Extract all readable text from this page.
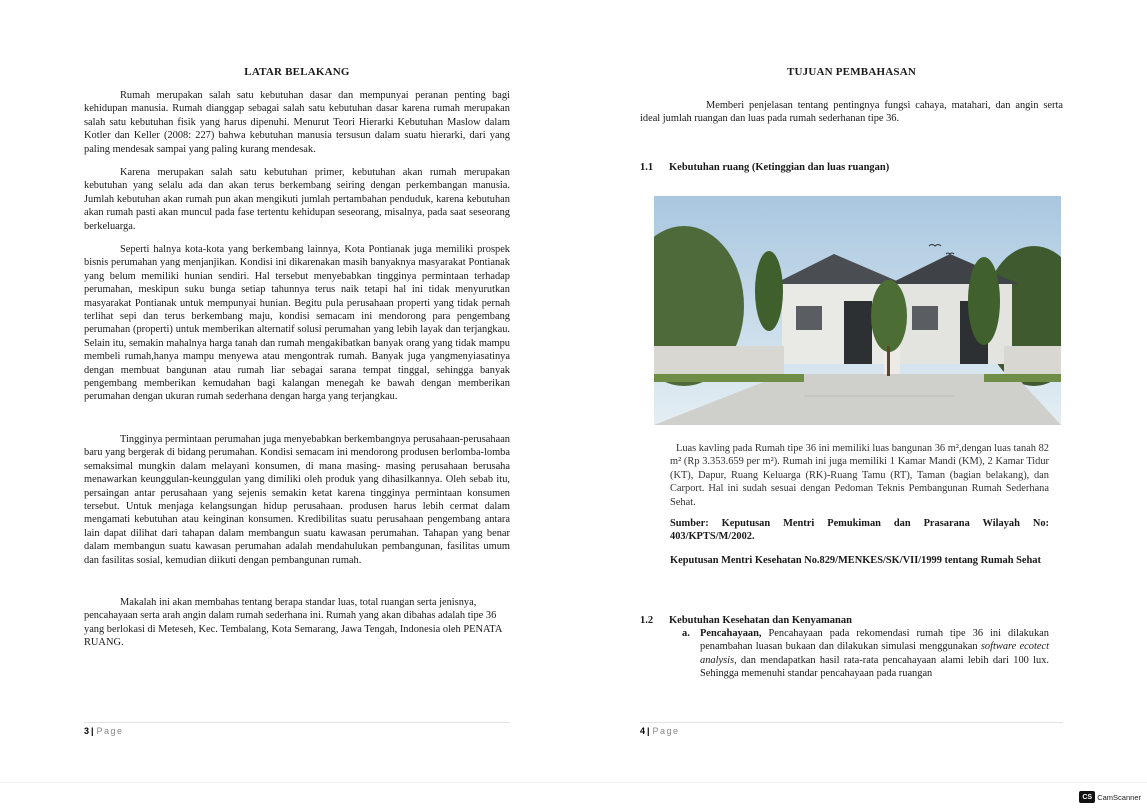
LATAR BELAKANG

Rumah merupakan salah satu kebutuhan dasar dan mempunyai peranan penting bagi kehidupan manusia. Rumah dianggap sebagai salah satu kebutuhan dasar karena rumah merupakan salah satu kebutuhan fisik yang harus dipenuhi. Menurut Teori Hierarki Kebutuhan Maslow dalam Kotler dan Keller (2008: 227) bahwa kebutuhan manusia tersusun dalam suatu hierarki, dari yang paling mendesak sampai yang paling kurang mendesak.

Karena merupakan salah satu kebutuhan primer, kebutuhan akan rumah merupakan kebutuhan yang selalu ada dan akan terus berkembang seiring dengan perkembangan manusia. Jumlah kebutuhan akan rumah pun akan mengikuti jumlah pertambahan penduduk, karena kebutuhan akan rumah pasti akan muncul pada fase tertentu kehidupan seseorang, misalnya, pada saat seseorang berkeluarga.

Seperti halnya kota-kota yang berkembang lainnya, Kota Pontianak juga memiliki prospek bisnis perumahan yang menjanjikan. Kondisi ini dikarenakan masih banyaknya masyarakat Pontianak yang belum memiliki hunian sendiri. Hal tersebut menyebabkan tingginya permintaan terhadap perumahan, meskipun suku bunga setiap tahunnya terus naik tetapi hal ini tidak menyurutkan masyarakat Pontianak untuk mempunyai hunian. Begitu pula perusahaan properti yang tidak pernah terlihat sepi dan terus berkembang maju, kondisi semacam ini mendorong para pengembang perumahan (properti) untuk memberikan alternatif solusi perumahan yang lebih layak dan terjangkau. Selain itu, semakin mahalnya harga tanah dan rumah mengakibatkan banyak orang yang tidak mampu membeli rumah,hanya mampu menyewa atau mengontrak rumah. Banyak juga yangmenyiasatinya dengan membuat bangunan atau rumah liar sebagai sarana tempat tinggal, sehingga banyak pengembang memberikan kemudahan bagi kalangan menegah ke bawah dengan memberikan perumahan dengan ukuran rumah sederhana dengan harga yang terjangkau.

Tingginya permintaan perumahan juga menyebabkan berkembangnya perusahaan-perusahaan baru yang bergerak di bidang perumahan. Kondisi semacam ini mendorong produsen berlomba-lomba semaksimal mungkin dalam melayani konsumen, di mana masing- masing perusahaan berusaha menawarkan keunggulan-keunggulan yang dimiliki oleh produk yang dihasilkannya. Oleh sebab itu, persaingan antar perusahaan yang sejenis semakin ketat karena tingginya permintaan konsumen tersebut. Untuk menjaga kelangsungan hidup perusahaan. produsen harus lebih cermat dalam mengamati kebutuhan atau keinginan konsumen. Kredibilitas suatu perusahaan pengembang antara lain dapat dilihat dari tahapan dalam membangun suatu kawasan perumahan. Tahapan yang benar dalam membangun suatu kawasan perumahan adalah mendahulukan pembangunan, fasilitas umum dan fasilitas sosial, kemudian diikuti dengan pembangunan rumah.

Makalah ini akan membahas tentang berapa standar luas, total ruangan serta jenisnya, pencahayaan serta arah angin dalam rumah sederhana ini. Rumah yang akan dibahas adalah tipe 36 yang berlokasi di Meteseh, Kec. Tembalang, Kota Semarang, Jawa Tengah, Indonesia oleh PENATA RUANG.

3 | Page
TUJUAN PEMBAHASAN

Memberi penjelasan tentang pentingnya fungsi cahaya, matahari, dan angin serta ideal jumlah ruangan dan luas pada rumah sederhanan tipe 36.

1.1 Kebutuhan ruang (Ketinggian dan luas ruangan)

Luas kavling pada Rumah tipe 36 ini memiliki luas bangunan 36 m²,dengan luas tanah 82 m² (Rp 3.353.659 per m²). Rumah ini juga memiliki 1 Kamar Mandi (KM), 2 Kamar Tidur (KT), Dapur, Ruang Keluarga (RK)-Ruang Tamu (RT), Taman (bagian belakang), dan Carport. Hal ini sudah sesuai dengan Pedoman Teknis Pembangunan Rumah Sederhana Sehat.

Sumber: Keputusan Mentri Pemukiman dan Prasarana Wilayah No: 403/KPTS/M/2002.

Keputusan Mentri Kesehatan No.829/MENKES/SK/VII/1999 tentang Rumah Sehat

1.2 Kebutuhan Kesehatan dan Kenyamanan
a. Pencahayaan, Pencahayaan pada rekomendasi rumah tipe 36 ini dilakukan penambahan luasan bukaan dan dilakukan simulasi menggunakan software ecotect analysis, dan mendapatkan hasil rata-rata pencahayaan alami lebih dari 100 lux. Sehingga memenuhi standar pencahayaan pada ruangan
4 | Page
CS CamScanner
